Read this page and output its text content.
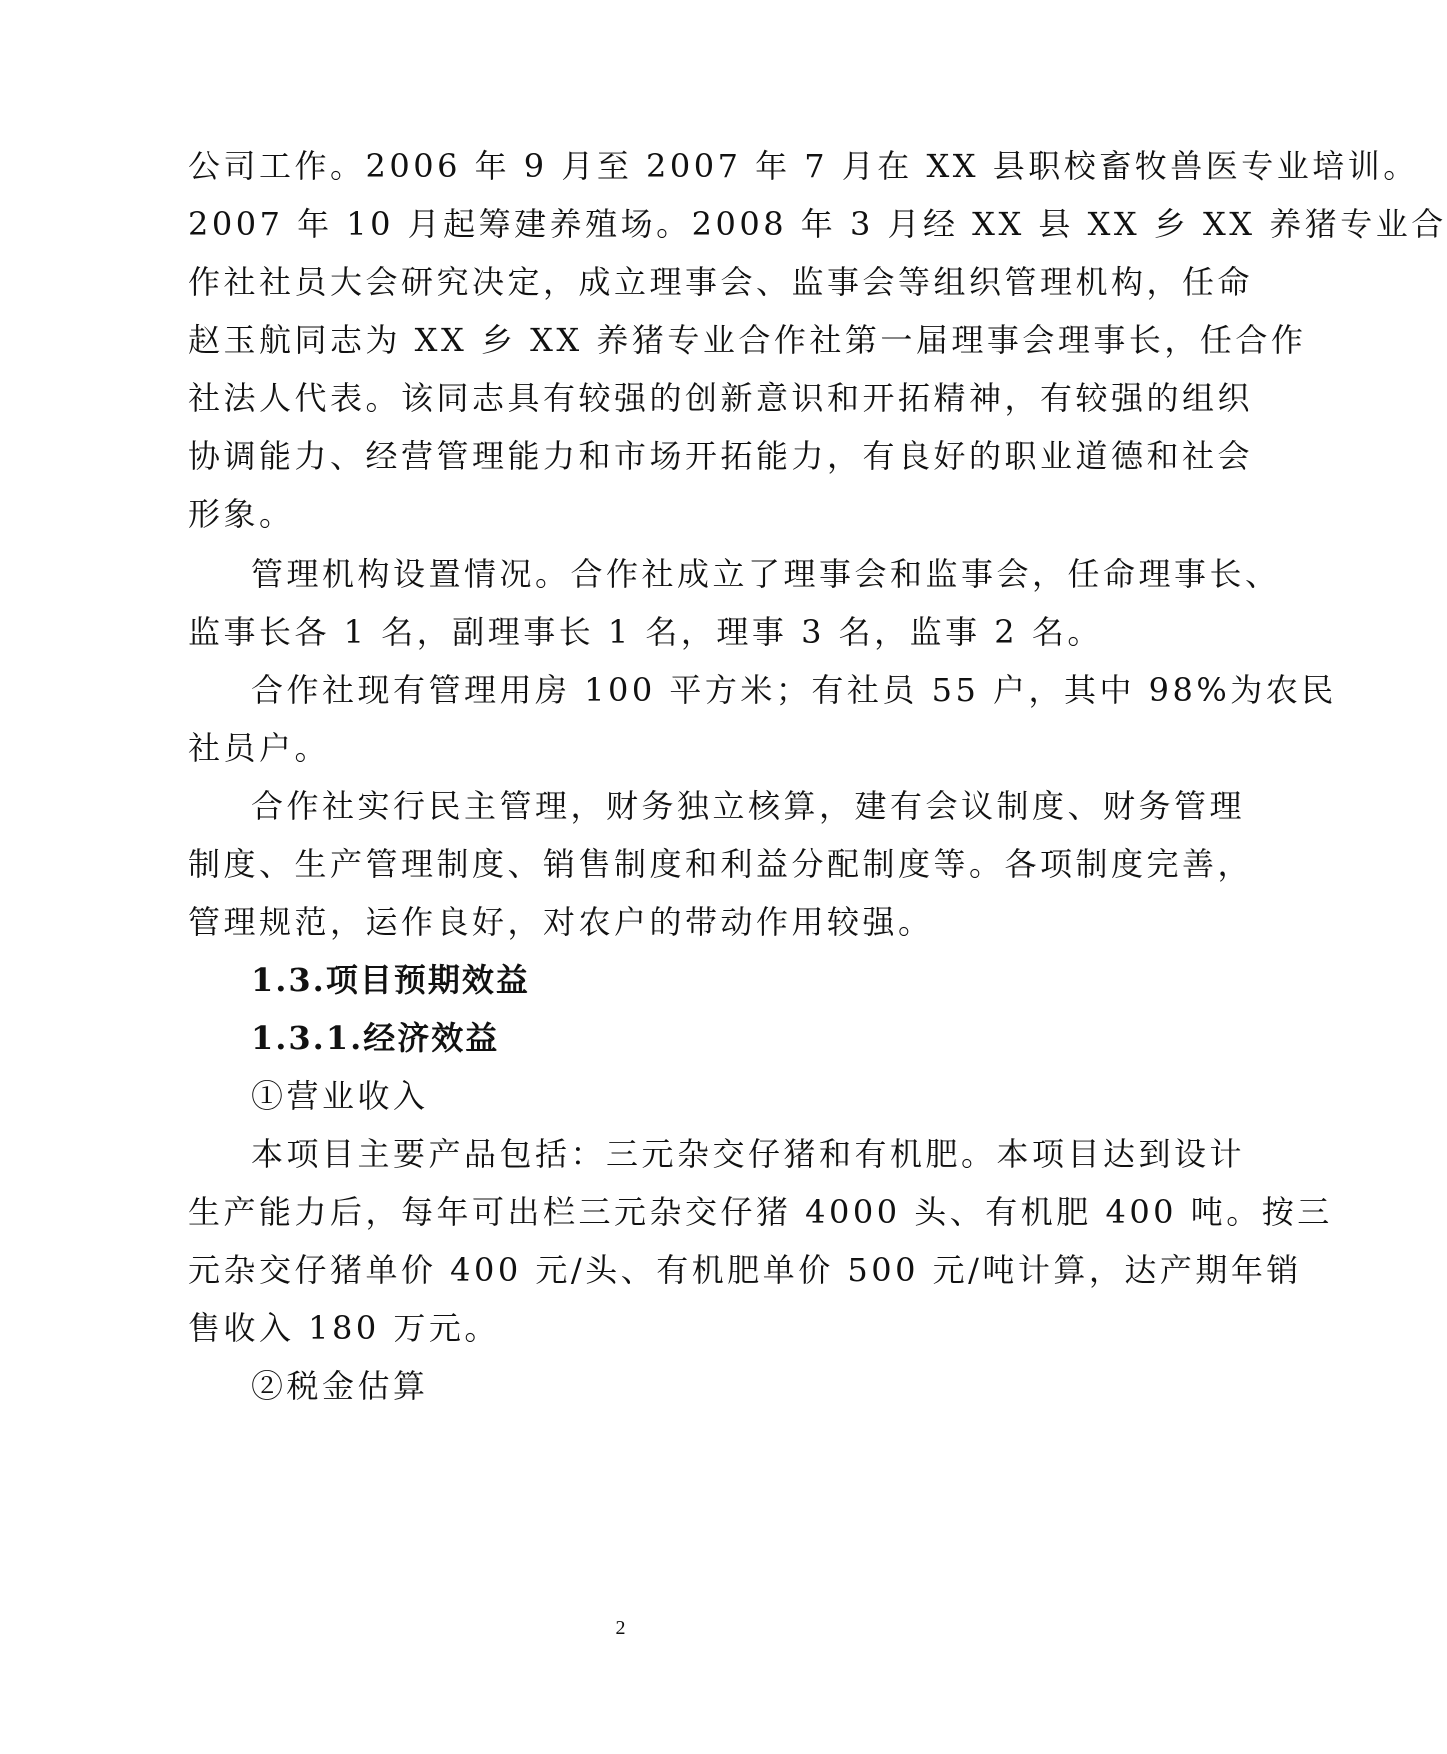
公司工作。2006 年 9 月至 2007 年 7 月在 XX 县职校畜牧兽医专业培训。
2007 年 10 月起筹建养殖场。2008 年 3 月经 XX 县 XX 乡 XX 养猪专业合
作社社员大会研究决定，成立理事会、监事会等组织管理机构，任命
赵玉航同志为 XX 乡 XX 养猪专业合作社第一届理事会理事长，任合作
社法人代表。该同志具有较强的创新意识和开拓精神，有较强的组织
协调能力、经营管理能力和市场开拓能力，有良好的职业道德和社会
形象。
管理机构设置情况。合作社成立了理事会和监事会，任命理事长、
监事长各 1 名，副理事长 1 名，理事 3 名，监事 2 名。
合作社现有管理用房 100 平方米；有社员 55 户，其中 98%为农民
社员户。
合作社实行民主管理，财务独立核算，建有会议制度、财务管理
制度、生产管理制度、销售制度和利益分配制度等。各项制度完善，
管理规范，运作良好，对农户的带动作用较强。
1.3.项目预期效益
1.3.1.经济效益
①营业收入
本项目主要产品包括：三元杂交仔猪和有机肥。本项目达到设计
生产能力后，每年可出栏三元杂交仔猪 4000 头、有机肥 400 吨。按三
元杂交仔猪单价 400 元/头、有机肥单价 500 元/吨计算，达产期年销
售收入 180 万元。
②税金估算
2
